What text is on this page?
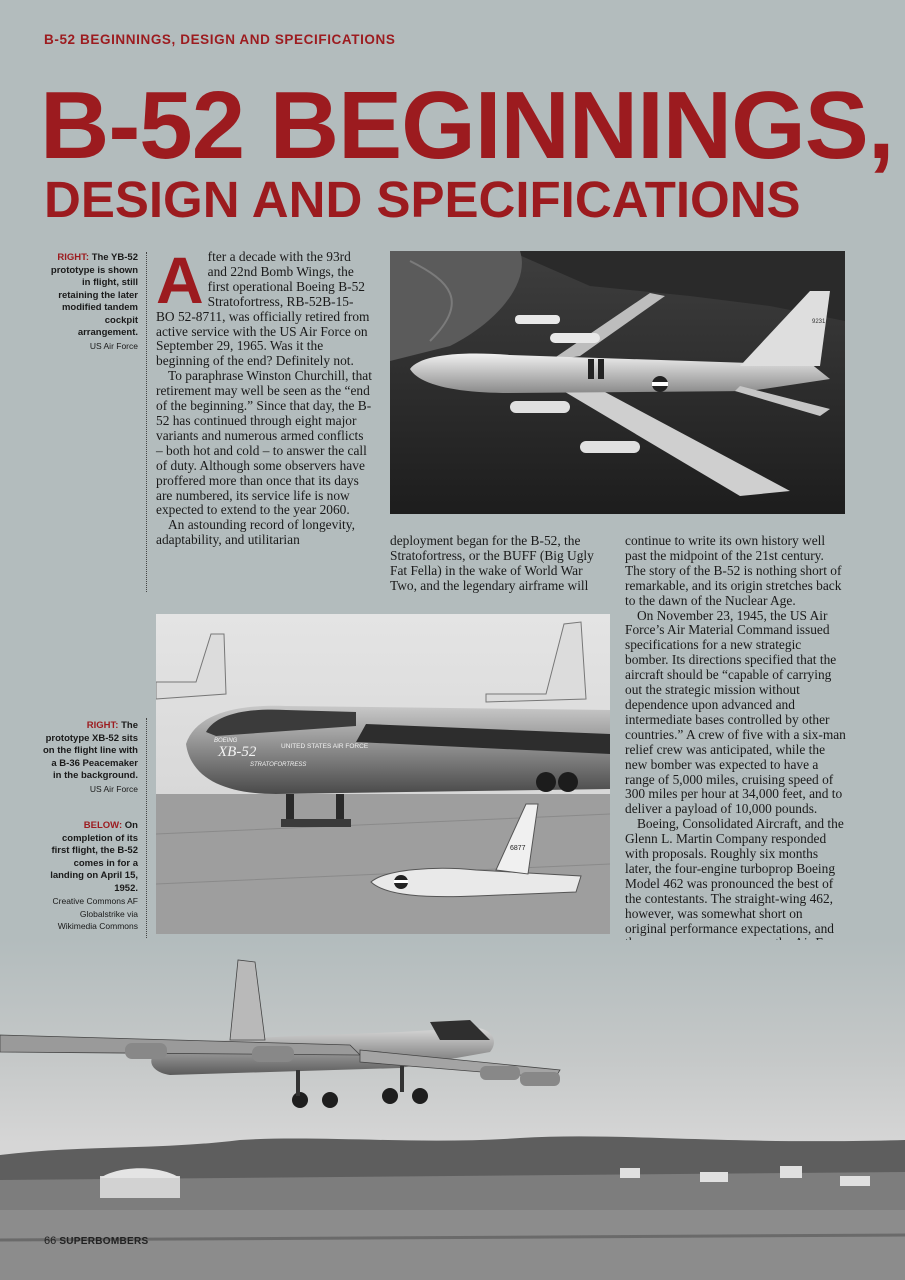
B-52 BEGINNINGS, DESIGN AND SPECIFICATIONS
B-52 BEGINNINGS,
DESIGN AND SPECIFICATIONS
RIGHT: The YB-52 prototype is shown in flight, still retaining the later modified tandem cockpit arrangement.
US Air Force
RIGHT: The prototype XB-52 sits on the flight line with a B-36 Peacemaker in the background.
US Air Force
BELOW: On completion of its first flight, the B-52 comes in for a landing on April 15, 1952.
Creative Commons AF Globalstrike via Wikimedia Commons
A fter a decade with the 93rd and 22nd Bomb Wings, the first operational Boeing B-52 Stratofortress, RB-52B-15-BO 52-8711, was officially retired from active service with the US Air Force on September 29, 1965. Was it the beginning of the end? Definitely not.

To paraphrase Winston Churchill, that retirement may well be seen as the “end of the beginning.” Since that day, the B-52 has continued through eight major variants and numerous armed conflicts – both hot and cold – to answer the call of duty. Although some observers have proffered more than once that its days are numbered, its service life is now expected to extend to the year 2060.

An astounding record of longevity, adaptability, and utilitarian	deployment began for the B-52, the Stratofortress, or the BUFF (Big Ugly Fat Fella) in the wake of World War Two, and the legendary airframe will

continue to write its own history well past the midpoint of the 21st century. The story of the B-52 is nothing short of remarkable, and its origin stretches back to the dawn of the Nuclear Age.

On November 23, 1945, the US Air Force’s Air Material Command issued specifications for a new strategic bomber. Its directions specified that the aircraft should be “capable of carrying out the strategic mission without dependence upon advanced and intermediate bases controlled by other countries.” A crew of five with a six-man relief crew was anticipated, while the new bomber was expected to have a range of 5,000 miles, cruising speed of 300 miles per hour at 34,000 feet, and to deliver a payload of 10,000 pounds.

Boeing, Consolidated Aircraft, and the Glenn L. Martin Company responded with proposals. Roughly six months later, the four-engine turboprop Boeing Model 462 was pronounced the best of the contestants. The straight-wing 462, however, was somewhat short on original performance expectations, and

9231
XB-52	UNITED STATES AIR FORCE
STRATOFORTRESS
BOEING
6877
66 SUPERBOMBERS
